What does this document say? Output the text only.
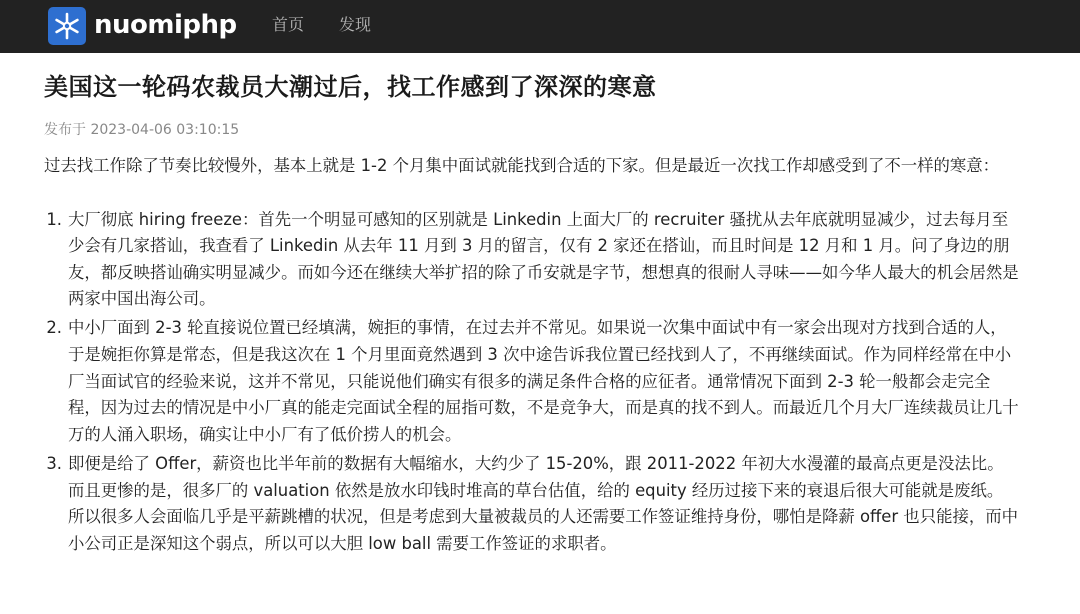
nuomiphp 首页 发现
美国这一轮码农裁员大潮过后，找工作感到了深深的寒意
发布于 2023-04-06 03:10:15

过去找工作除了节奏比较慢外，基本上就是 1-2 个月集中面试就能找到合适的下家。但是最近一次找工作却感受到了不一样的寒意：

1. 大厂彻底 hiring freeze：首先一个明显可感知的区别就是 Linkedin 上面大厂的 recruiter 骚扰从去年底就明显减少，过去每月至少会有几家搭讪，我查看了 Linkedin 从去年 11 月到 3 月的留言，仅有 2 家还在搭讪，而且时间是 12 月和 1 月。问了身边的朋友，都反映搭讪确实明显减少。而如今还在继续大举扩招的除了币安就是字节，想想真的很耐人寻味——如今华人最大的机会居然是两家中国出海公司。
2. 中小厂面到 2-3 轮直接说位置已经填满，婉拒的事情，在过去并不常见。如果说一次集中面试中有一家会出现对方找到合适的人，于是婉拒你算是常态，但是我这次在 1 个月里面竟然遇到 3 次中途告诉我位置已经找到人了，不再继续面试。作为同样经常在中小厂当面试官的经验来说，这并不常见，只能说他们确实有很多的满足条件合格的应征者。通常情况下面到 2-3 轮一般都会走完全程，因为过去的情况是中小厂真的能走完面试全程的屈指可数，不是竞争大，而是真的找不到人。而最近几个月大厂连续裁员让几十万的人涌入职场，确实让中小厂有了低价捞人的机会。
3. 即便是给了 Offer，薪资也比半年前的数据有大幅缩水，大约少了 15-20%，跟 2011-2022 年初大水漫灌的最高点更是没法比。而且更惨的是，很多厂的 valuation 依然是放水印钱时堆高的草台估值，给的 equity 经历过接下来的衰退后很大可能就是废纸。所以很多人会面临几乎是平薪跳槽的状况，但是考虑到大量被裁员的人还需要工作签证维持身份，哪怕是降薪 offer 也只能接，而中小公司正是深知这个弱点，所以可以大胆 low ball 需要工作签证的求职者。
